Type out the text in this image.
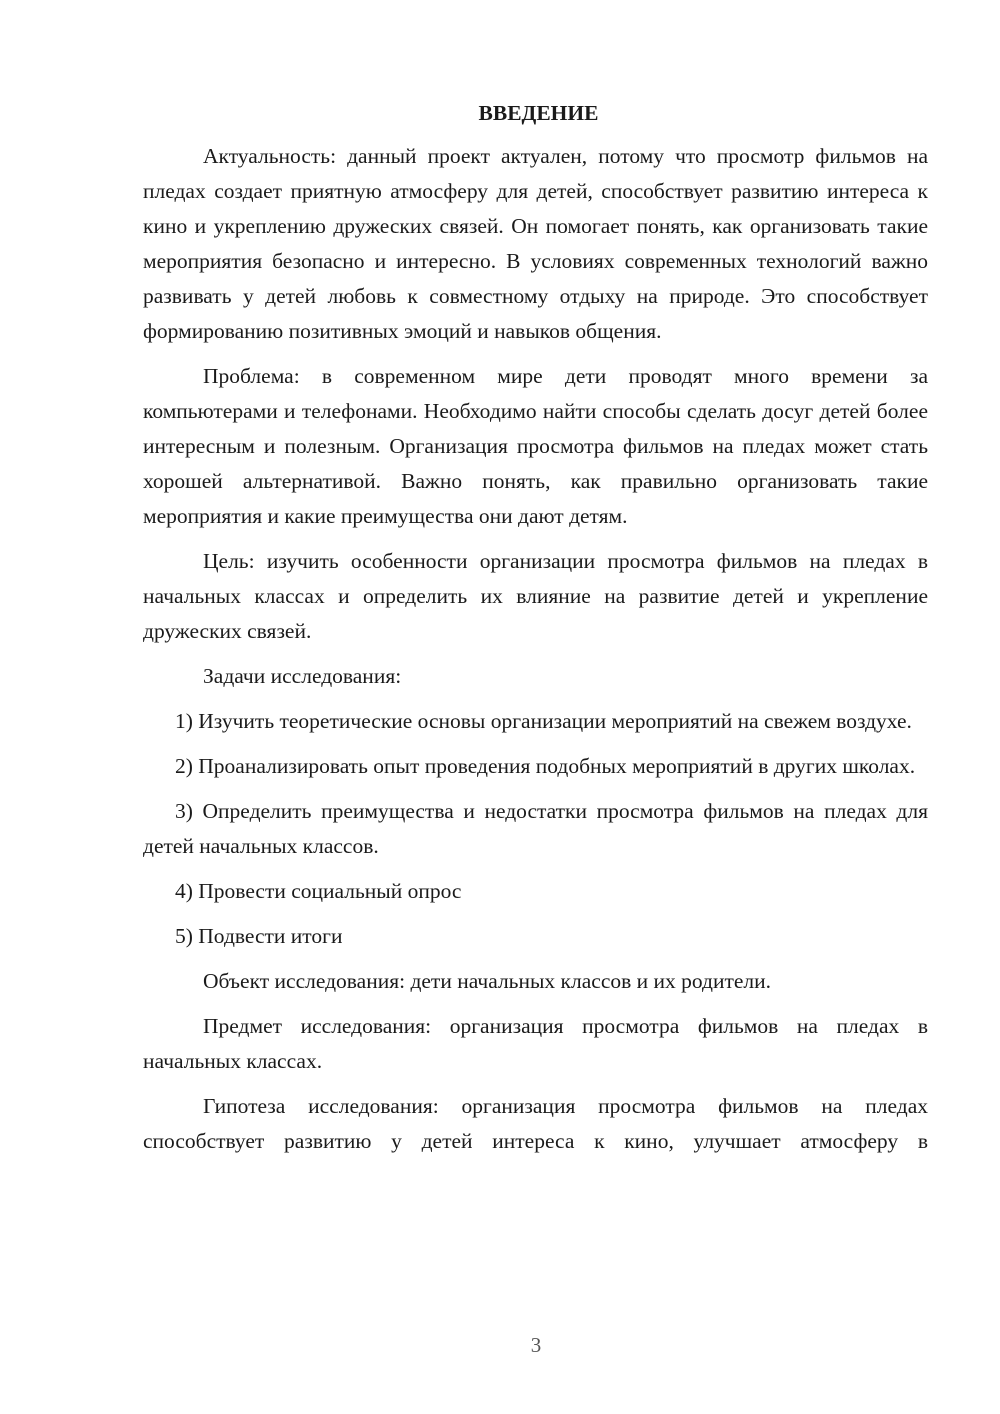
ВВЕДЕНИЕ

Актуальность: данный проект актуален, потому что просмотр фильмов на пледах создает приятную атмосферу для детей, способствует развитию интереса к кино и укреплению дружеских связей. Он помогает понять, как организовать такие мероприятия безопасно и интересно. В условиях современных технологий важно развивать у детей любовь к совместному отдыху на природе. Это способствует формированию позитивных эмоций и навыков общения.

Проблема: в современном мире дети проводят много времени за компьютерами и телефонами. Необходимо найти способы сделать досуг детей более интересным и полезным. Организация просмотра фильмов на пледах может стать хорошей альтернативой. Важно понять, как правильно организовать такие мероприятия и какие преимущества они дают детям.

Цель: изучить особенности организации просмотра фильмов на пледах в начальных классах и определить их влияние на развитие детей и укрепление дружеских связей.

Задачи исследования:

1) Изучить теоретические основы организации мероприятий на свежем воздухе.

2) Проанализировать опыт проведения подобных мероприятий в других школах.

3) Определить преимущества и недостатки просмотра фильмов на пледах для детей начальных классов.

4) Провести социальный опрос

5) Подвести итоги

Объект исследования: дети начальных классов и их родители.

Предмет исследования: организация просмотра фильмов на пледах в начальных классах.

Гипотеза исследования: организация просмотра фильмов на пледах способствует развитию у детей интереса к кино, улучшает атмосферу в

3
